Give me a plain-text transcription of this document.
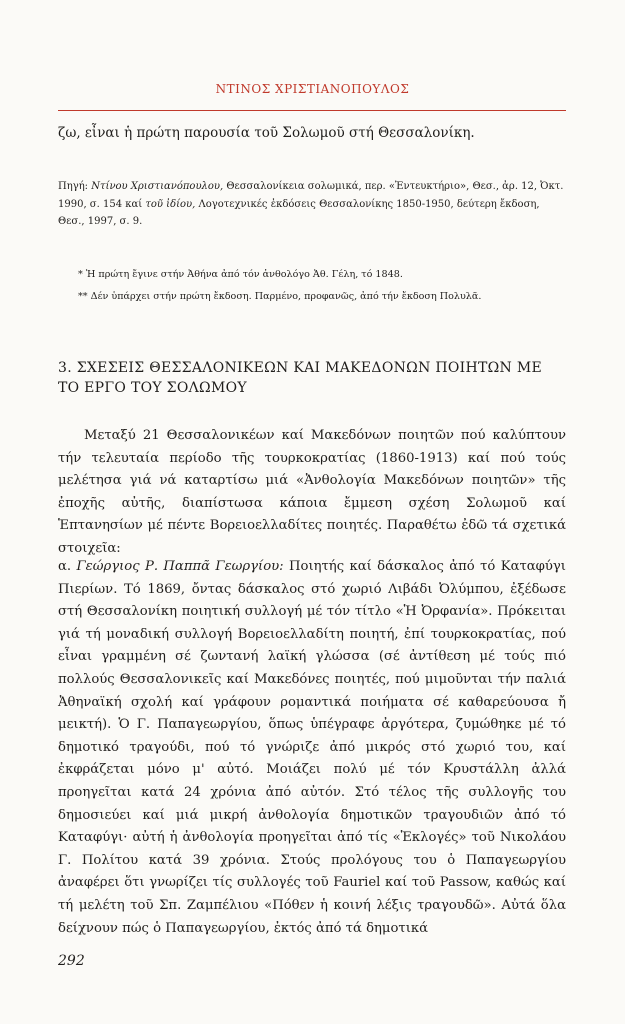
ΝΤΙΝΟΣ ΧΡΙΣΤΙΑΝΟΠΟΥΛΟΣ

ζω, εἶναι ἡ πρώτη παρουσία τοῦ Σολωμοῦ στή Θεσσαλονίκη.

Πηγή: Ντίνου Χριστιανόπουλου, Θεσσαλονίκεια σολωμικά, περ. «Ἐντευκτήριο», Θεσ., ἀρ. 12, Ὀκτ. 1990, σ. 154 καί τοῦ ἰδίου, Λογοτεχνικές ἐκδόσεις Θεσσαλονίκης 1850-1950, δεύτερη ἔκδοση, Θεσ., 1997, σ. 9.

* Ἡ πρώτη ἔγινε στήν Ἀθήνα ἀπό τόν ἀνθολόγο Ἀθ. Γέλη, τό 1848.

** Δέν ὑπάρχει στήν πρώτη ἔκδοση. Παρμένο, προφανῶς, ἀπό τήν ἔκδοση Πολυλᾶ.

3. ΣΧΕΣΕΙΣ ΘΕΣΣΑΛΟΝΙΚΕΩΝ ΚΑΙ ΜΑΚΕΔΟΝΩΝ ΠΟΙΗΤΩΝ ΜΕ ΤΟ ΕΡΓΟ ΤΟΥ ΣΟΛΩΜΟΥ

Μεταξύ 21 Θεσσαλονικέων καί Μακεδόνων ποιητῶν πού καλύπτουν τήν τελευταία περίοδο τῆς τουρκοκρατίας (1860-1913) καί πού τούς μελέτησα γιά νά καταρτίσω μιά «Ἀνθολογία Μακεδόνων ποιητῶν» τῆς ἐποχῆς αὐτῆς, διαπίστωσα κάποια ἔμμεση σχέση Σολωμοῦ καί Ἑπτανησίων μέ πέντε Βορειοελλαδίτες ποιητές. Παραθέτω ἐδῶ τά σχετικά στοιχεῖα:

α. Γεώργιος Ρ. Παππᾶ Γεωργίου: Ποιητής καί δάσκαλος ἀπό τό Καταφύγι Πιερίων. Τό 1869, ὄντας δάσκαλος στό χωριό Λιβάδι Ὀλύμπου, ἐξέδωσε στή Θεσσαλονίκη ποιητική συλλογή μέ τόν τίτλο «Ἡ Ὀρφανία». Πρόκειται γιά τή μοναδική συλλογή Βορειοελλαδίτη ποιητή, ἐπί τουρκοκρατίας, πού εἶναι γραμμένη σέ ζωντανή λαϊκή γλώσσα (σέ ἀντίθεση μέ τούς πιό πολλούς Θεσσαλονικεῖς καί Μακεδόνες ποιητές, πού μιμοῦνται τήν παλιά Ἀθηναϊκή σχολή καί γράφουν ρομαντικά ποιήματα σέ καθαρεύουσα ἤ μεικτή). Ὁ Γ. Παπαγεωργίου, ὅπως ὑπέγραφε ἀργότερα, ζυμώθηκε μέ τό δημοτικό τραγούδι, πού τό γνώριζε ἀπό μικρός στό χωριό του, καί ἐκφράζεται μόνο μ' αὐτό. Μοιάζει πολύ μέ τόν Κρυστάλλη ἀλλά προηγεῖται κατά 24 χρόνια ἀπό αὐτόν. Στό τέλος τῆς συλλογῆς του δημοσιεύει καί μιά μικρή ἀνθολογία δημοτικῶν τραγουδιῶν ἀπό τό Καταφύγι· αὐτή ἡ ἀνθολογία προηγεῖται ἀπό τίς «Ἐκλογές» τοῦ Νικολάου Γ. Πολίτου κατά 39 χρόνια. Στούς προλόγους του ὁ Παπαγεωργίου ἀναφέρει ὅτι γνωρίζει τίς συλλογές τοῦ Fauriel καί τοῦ Passow, καθώς καί τή μελέτη τοῦ Σπ. Ζαμπέλιου «Πόθεν ἡ κοινή λέξις τραγουδῶ». Αὐτά ὅλα δείχνουν πώς ὁ Παπαγεωργίου, ἐκτός ἀπό τά δημοτικά

292
